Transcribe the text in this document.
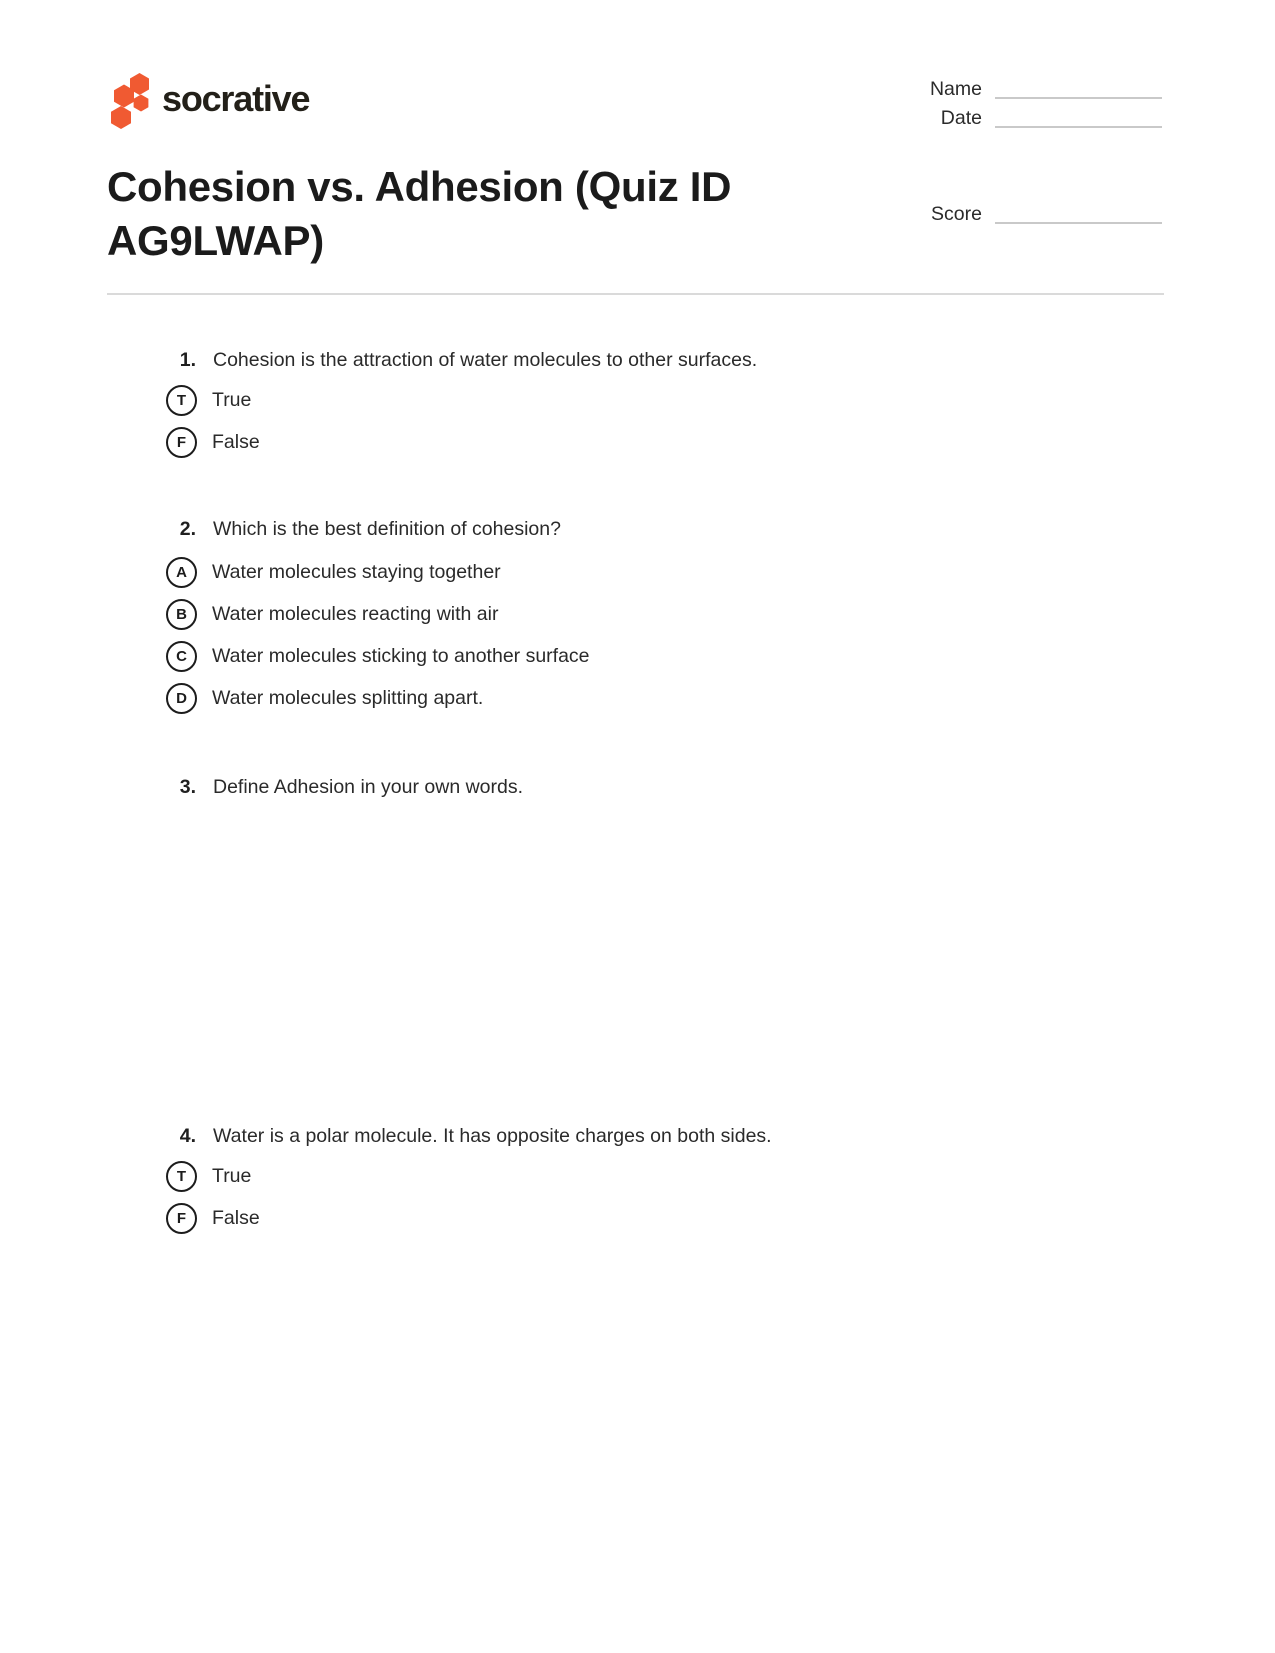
socrative	Name
Date
Score
Cohesion vs. Adhesion (Quiz ID AG9LWAP)
1. Cohesion is the attraction of water molecules to other surfaces.
T	True
F	False
2. Which is the best definition of cohesion?
A	Water molecules staying together
B	Water molecules reacting with air
C	Water molecules sticking to another surface
D	Water molecules splitting apart.
3. Define Adhesion in your own words.
4. Water is a polar molecule. It has opposite charges on both sides.
T	True
F	False
